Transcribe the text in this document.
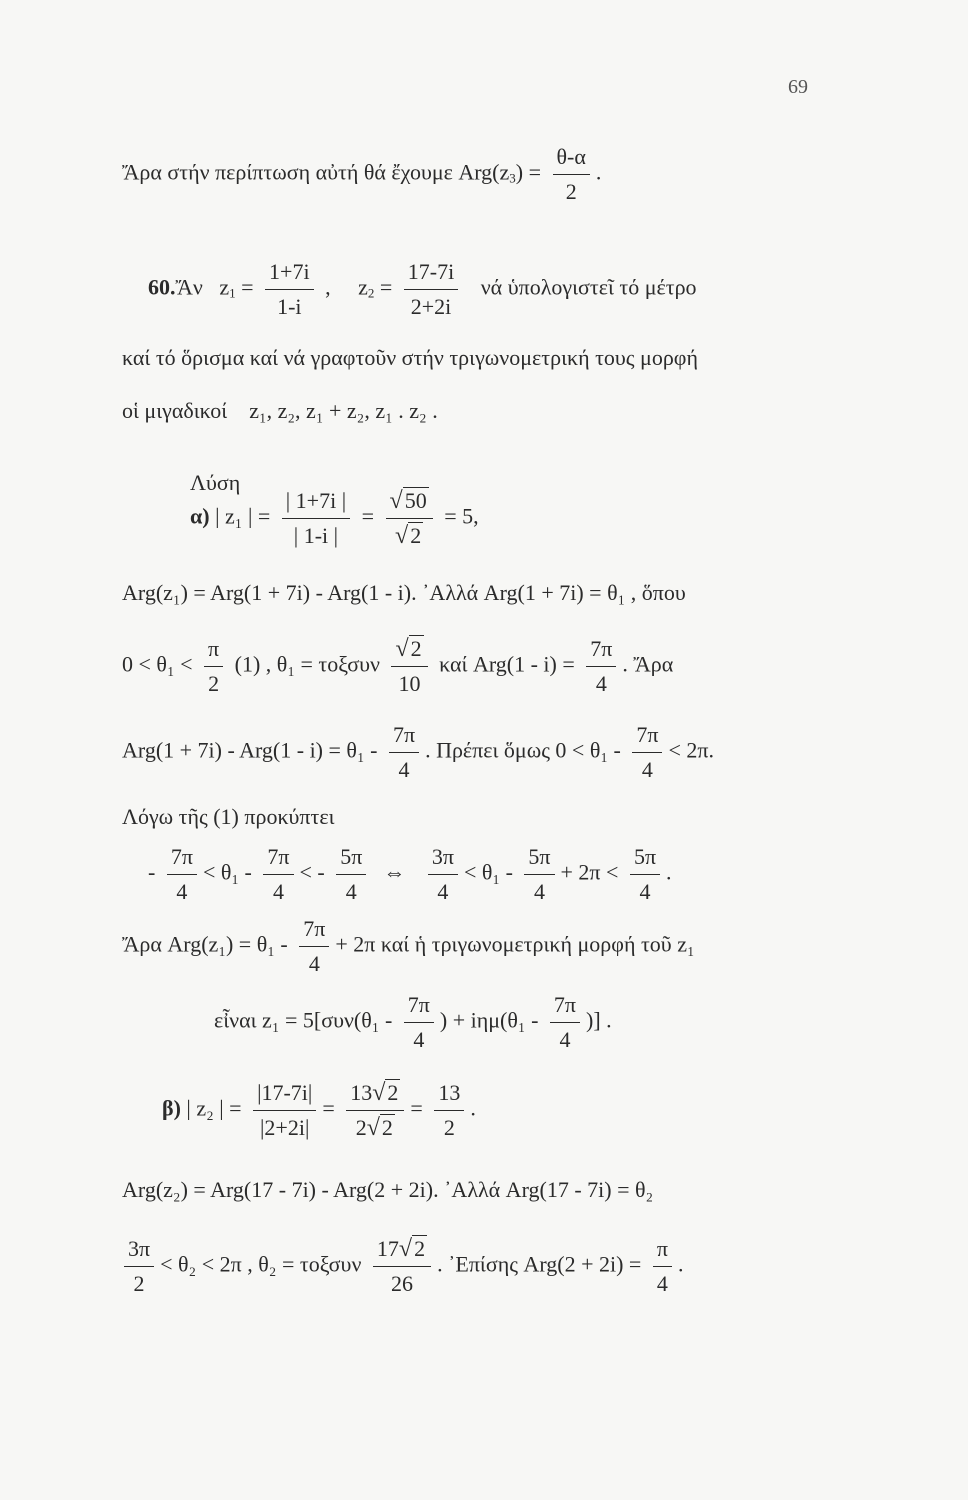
69
Ἄρα στήν περίπτωση αὐτή θά ἔχουμε $Arg(z_3) = \frac{\theta-\alpha}{2}$ .
60.Ἄν $z_1 = \frac{1+7i}{1-i}$ , $z_2 = \frac{17-7i}{2+2i}$ νά ὑπολογιστεῖ τό μέτρο
καί τό ὅρισμα καί νά γραφτοῦν στήν τριγωνομετρική τους μορφή
οἱ μιγαδικοί z₁, z₂, z₁ + z₂, z₁ . z₂ .
Λύση
α) | z₁ | = $\frac{| 1+7i |}{| 1-i |} = \frac{√50}{√2} = 5$,
Arg(z₁) = Arg(1 + 7i) - Arg(1 - i). ᾿Αλλά Arg(1 + 7i) = θ₁ , ὅπου
$0 < \theta_1 < \frac{\pi}{2} (1)$ , θ₁ = τοξσυν $\frac{√2}{10}$ καί $Arg(1 - i) = \frac{7\pi}{4}$ . Ἄρα
$Arg(1 + 7i) - Arg(1 - i) = \theta_1 - \frac{7\pi}{4}$ . Πρέπει ὅμως $0 < \theta_1 - \frac{7\pi}{4} < 2\pi$.
Λόγω τῆς (1) προκύπτει
- $\frac{7\pi}{4} < \theta_1 - \frac{7\pi}{4}$ < - $\frac{5\pi}{4}$ ⇔ $\frac{3\pi}{4} < \theta_1 - \frac{5\pi}{4} + 2\pi < \frac{5\pi}{4}$ .
Ἄρα $Arg(z_1) = \theta_1 - \frac{7\pi}{4} + 2\pi$ καί ἡ τριγωνομετρική μορφή τοῦ z₁
εἶναι $z_1 = 5[\sigma\upsilon\nu(\theta_1 - \frac{7\pi}{4}$ ) + $i\eta\mu(\theta_1 - \frac{7\pi}{4}$ )] .
β) | z₂ | = $\frac{|17-7i|}{|2+2i|} = \frac{13√2}{2√2} = \frac{13}{2}$ .
Arg(z₂) = Arg(17 - 7i) - Arg(2 + 2i). ᾿Αλλά Arg(17 - 7i) = θ₂
$\frac{3\pi}{2} < \theta_2 < 2\pi$ , θ₂ = τοξσυν $\frac{17√2}{26}$ . ᾿Επίσης $Arg(2 + 2i) = \frac{\pi}{4}$ .
